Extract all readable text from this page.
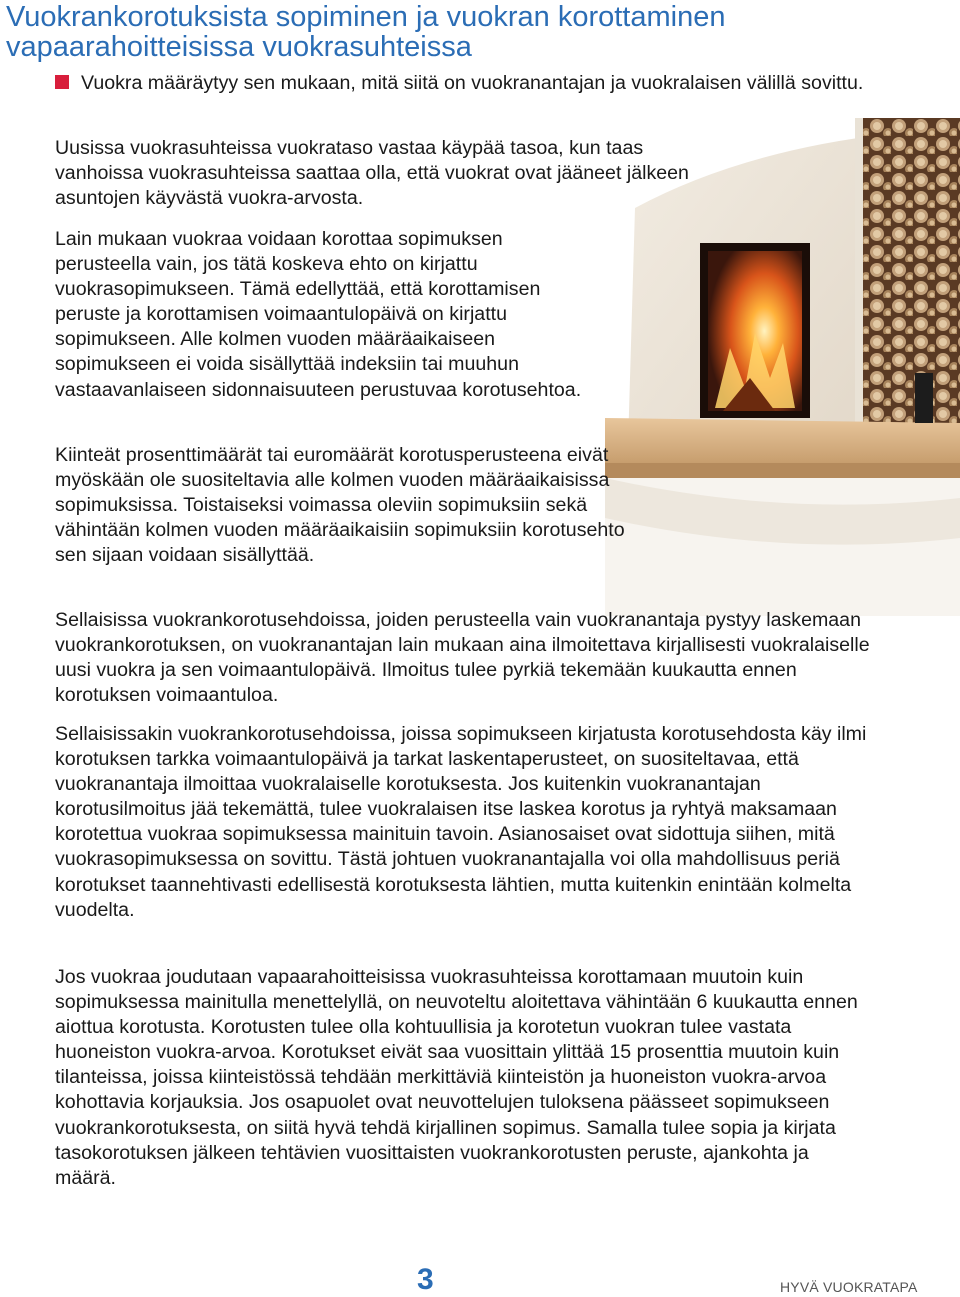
Vuokrankorotuksista sopiminen ja vuokran korottaminen
vapaarahoitteisissa vuokrasuhteissa
Vuokra määräytyy sen mukaan, mitä siitä on vuokranantajan ja vuokralaisen välillä sovittu.

Uusissa vuokrasuhteissa vuokrataso vastaa käypää tasoa, kun taas vanhoissa vuokrasuhteissa saattaa olla, että vuokrat ovat jääneet jälkeen asuntojen käyvästä vuokra-arvosta.

Lain mukaan vuokraa voidaan korottaa sopimuksen perusteella vain, jos tätä koskeva ehto on kirjattu vuokrasopimukseen. Tämä edellyttää, että korottamisen peruste ja korottamisen voimaantulopäivä on kirjattu sopimukseen. Alle kolmen vuoden määräaikaiseen sopimukseen ei voida sisällyttää indeksiin tai muuhun vastaavanlaiseen sidonnaisuuteen perustuvaa korotusehtoa.

Kiinteät prosenttimäärät tai euromäärät korotusperusteena eivät myöskään ole suositeltavia alle kolmen vuoden määräaikaisissa sopimuksissa. Toistaiseksi voimassa oleviin sopimuksiin sekä vähintään kolmen vuoden määräaikaisiin sopimuksiin korotusehto sen sijaan voidaan sisällyttää.

Sellaisissa vuokrankorotusehdoissa, joiden perusteella vain vuokranantaja pystyy laskemaan vuokrankorotuksen, on vuokranantajan lain mukaan aina ilmoitettava kirjallisesti vuokralaiselle uusi vuokra ja sen voimaantulopäivä. Ilmoitus tulee pyrkiä tekemään kuukautta ennen korotuksen voimaantuloa.

Sellaisissakin vuokrankorotusehdoissa, joissa sopimukseen kirjatusta korotusehdosta käy ilmi korotuksen tarkka voimaantulopäivä ja tarkat laskentaperusteet, on suositeltavaa, että vuokranantaja ilmoittaa vuokralaiselle korotuksesta. Jos kuitenkin vuokranantajan korotusilmoitus jää tekemättä, tulee vuokralaisen itse laskea korotus ja ryhtyä maksamaan korotettua vuokraa sopimuksessa mainituin tavoin. Asianosaiset ovat sidottuja siihen, mitä vuokrasopimuksessa on sovittu. Tästä johtuen vuokranantajalla voi olla mahdollisuus periä korotukset taannehtivasti edellisestä korotuksesta lähtien, mutta kuitenkin enintään kolmelta vuodelta.

Jos vuokraa joudutaan vapaarahoitteisissa vuokrasuhteissa korottamaan muutoin kuin sopimuksessa mainitulla menettelyllä, on neuvoteltu aloitettava vähintään 6 kuukautta ennen aiottua korotusta. Korotusten tulee olla kohtuullisia ja korotetun vuokran tulee vastata huoneiston vuokra-arvoa. Korotukset eivät saa vuosittain ylittää 15 prosenttia muutoin kuin tilanteissa, joissa kiinteistössä tehdään merkittäviä kiinteistön ja huoneiston vuokra-arvoa kohottavia korjauksia. Jos osapuolet ovat neuvottelujen tuloksena päässeet sopimukseen vuokrankorotuksesta, on siitä hyvä tehdä kirjallinen sopimus. Samalla tulee sopia ja kirjata tasokorotuksen jälkeen tehtävien vuosittaisten vuokrankorotusten peruste, ajankohta ja määrä.

3	HYVÄ VUOKRATAPA
